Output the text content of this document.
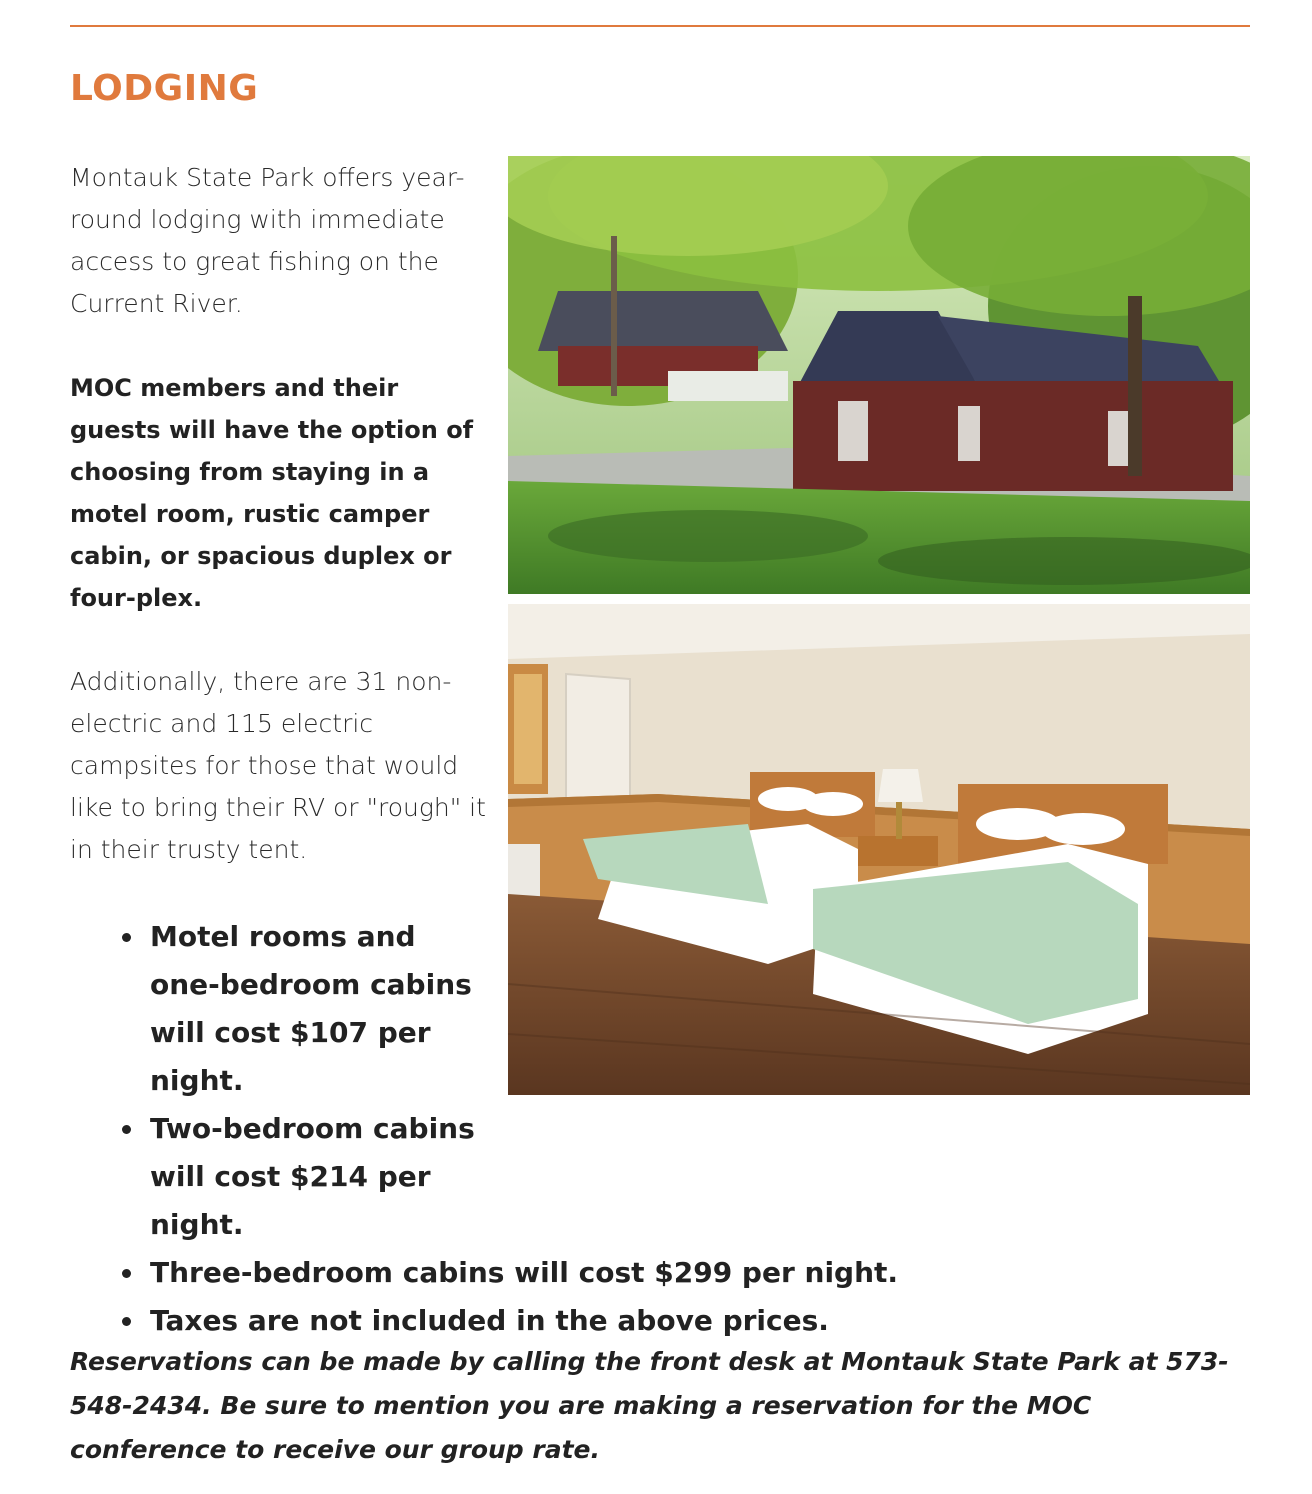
LODGING

Montauk State Park offers year-round lodging with immediate access to great fishing on the Current River.

MOC members and their guests will have the option of choosing from staying in a motel room, rustic camper cabin, or spacious duplex or four-plex.

Additionally, there are 31 non-electric and 115 electric campsites for those that would like to bring their RV or "rough" it in their trusty tent.

Motel rooms and one-bedroom cabins will cost $107 per night.
Two-bedroom cabins will cost $214 per night.
Three-bedroom cabins will cost $299 per night.
Taxes are not included in the above prices.

Reservations can be made by calling the front desk at Montauk State Park at 573-548-2434. Be sure to mention you are making a reservation for the MOC conference to receive our group rate.
